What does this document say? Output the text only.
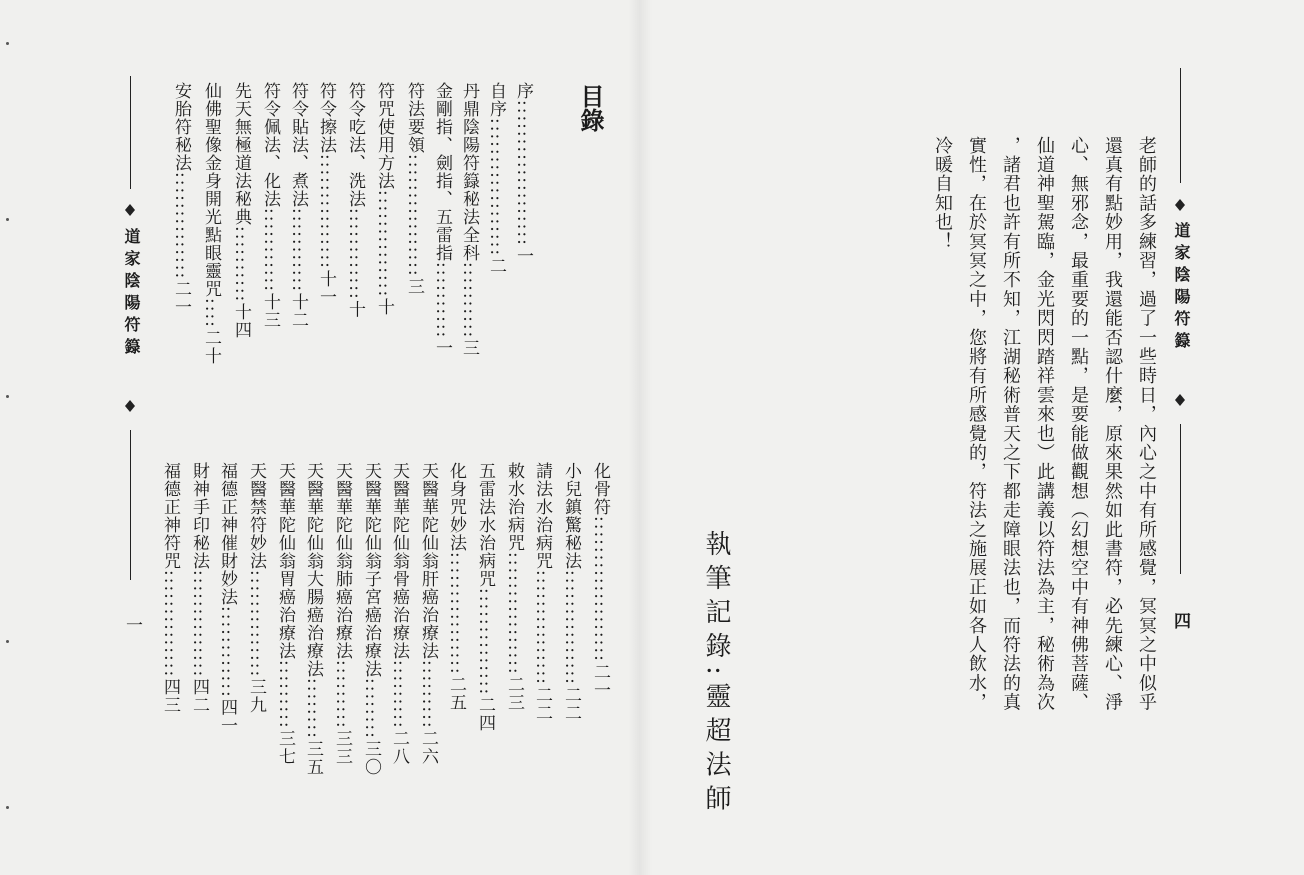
道家陰陽符籙
一
目錄
序:::::::::::::::::::一
自序::::::::::::::::::二
丹鼎陰陽符籙秘法全科::::::::::三
金剛指、劍指、五雷指::::::::::一
符法要領::::::::::::::::三
符咒使用方法::::::::::::::十
符令吃法、洗法::::::::::::十
符令擦法:::::::::::::::十一
符令貼法、煮法:::::::::::十二
符令佩法、化法:::::::::::十三
先天無極道法秘典::::::::::十四
仙佛聖像金身開光點眼靈咒::::二十
安胎符秘法::::::::::::::二一
化骨符:::::::::::::::::::二一
小兒鎮驚秘法:::::::::::::::二二
請法水治病咒:::::::::::::::二二
敕水治病咒::::::::::::::::二三
五雷法水治病咒::::::::::::::二四
化身咒妙法::::::::::::::::二五
天醫華陀仙翁肝癌治療法:::::::::二六
天醫華陀仙翁骨癌治療法:::::::::二八
天醫華陀仙翁子宮癌治療法::::::::三〇
天醫華陀仙翁肺癌治療法:::::::::三三
天醫華陀仙翁大腸癌治療法::::::::三五
天醫華陀仙翁胃癌治療法:::::::::三七
天醫禁符妙法::::::::::::::三九
福德正神催財妙法::::::::::::四一
財神手印秘法::::::::::::::四二
福德正神符咒::::::::::::::四三	執筆記錄:靈超法師	老師的話多練習，過了一些時日，內心之中有所感覺，冥冥之中似乎
還真有點妙用，我還能否認什麼，原來果然如此書符，必先練心、淨
心、無邪念，最重要的一點，是要能做觀想（幻想空中有神佛菩薩、
仙道神聖駕臨，金光閃閃踏祥雲來也）此講義以符法為主，秘術為次
，諸君也許有所不知，江湖秘術普天之下都走障眼法也，而符法的真
實性，在於冥冥之中，您將有所感覺的，符法之施展正如各人飲水，
冷暖自知也！
道家陰陽符籙
四
